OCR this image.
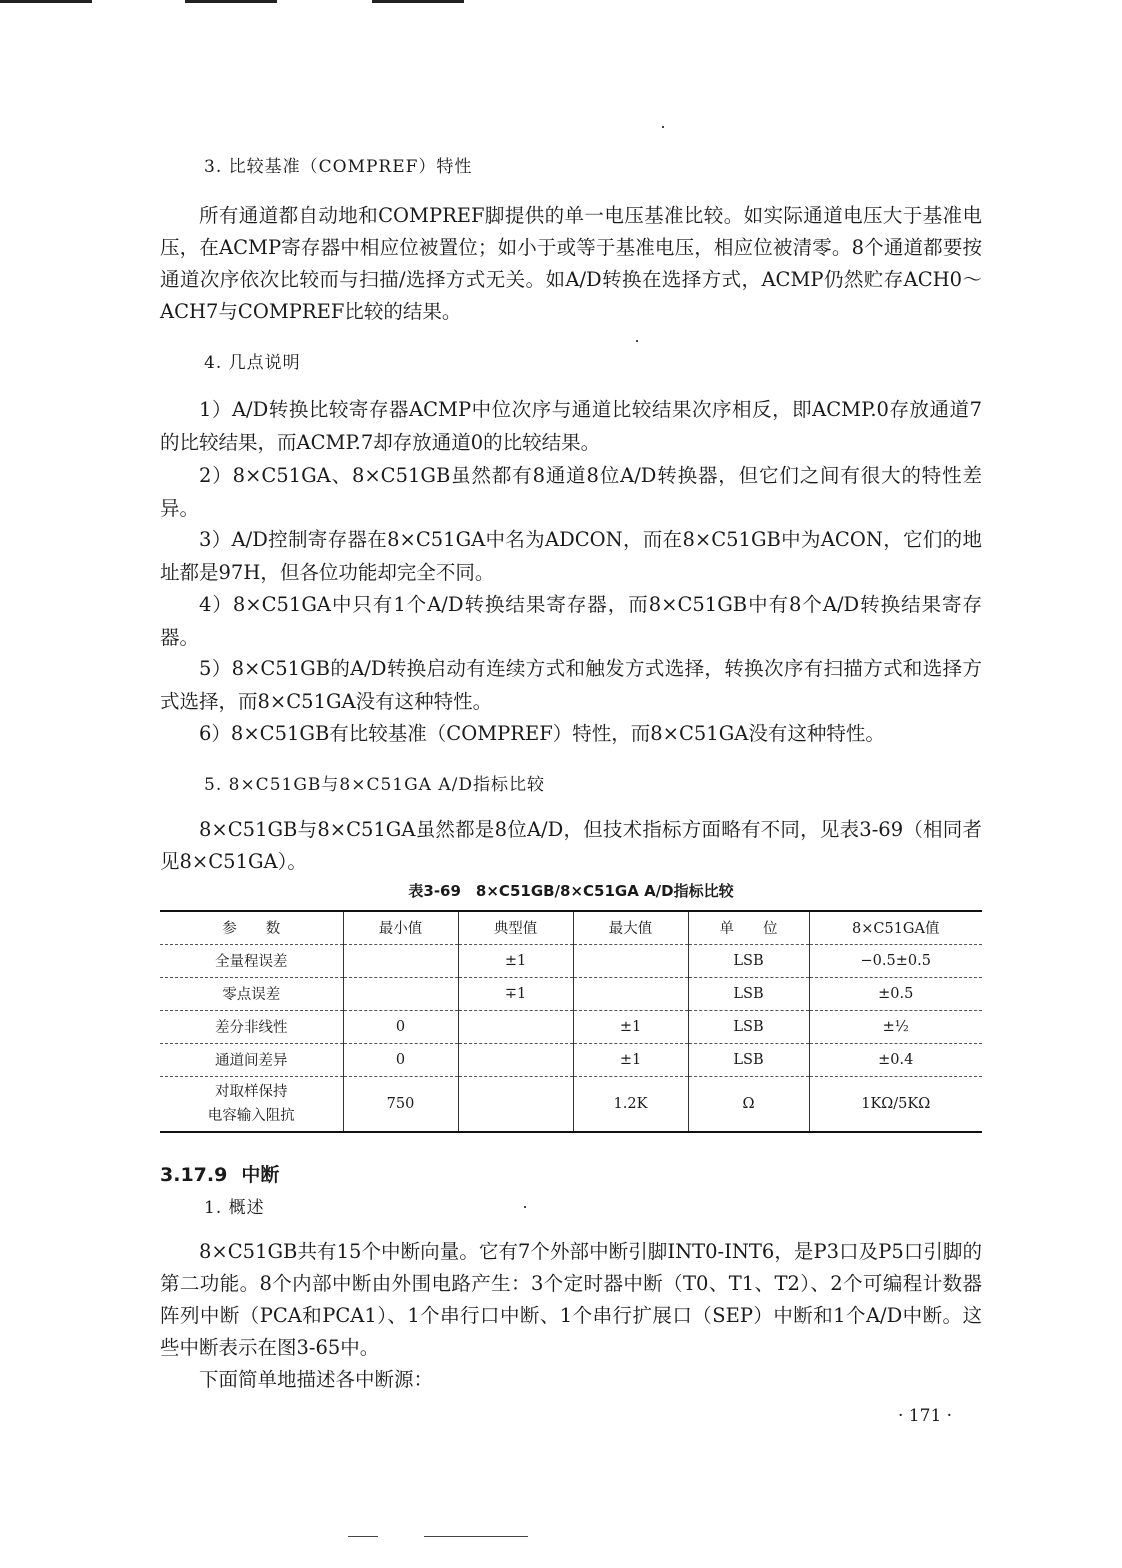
3. 比较基准（COMPREF）特性

所有通道都自动地和COMPREF脚提供的单一电压基准比较。如实际通道电压大于基准电压，在ACMP寄存器中相应位被置位；如小于或等于基准电压，相应位被清零。8个通道都要按通道次序依次比较而与扫描/选择方式无关。如A/D转换在选择方式，ACMP仍然贮存ACH0～ACH7与COMPREF比较的结果。

4. 几点说明

1）A/D转换比较寄存器ACMP中位次序与通道比较结果次序相反，即ACMP.0存放通道7的比较结果，而ACMP.7却存放通道0的比较结果。

2）8×C51GA、8×C51GB虽然都有8通道8位A/D转换器，但它们之间有很大的特性差异。

3）A/D控制寄存器在8×C51GA中名为ADCON，而在8×C51GB中为ACON，它们的地址都是97H，但各位功能却完全不同。

4）8×C51GA中只有1个A/D转换结果寄存器，而8×C51GB中有8个A/D转换结果寄存器。

5）8×C51GB的A/D转换启动有连续方式和触发方式选择，转换次序有扫描方式和选择方式选择，而8×C51GA没有这种特性。

6）8×C51GB有比较基准（COMPREF）特性，而8×C51GA没有这种特性。

5. 8×C51GB与8×C51GA A/D指标比较

8×C51GB与8×C51GA虽然都是8位A/D，但技术指标方面略有不同，见表3-69（相同者见8×C51GA）。

表3-69　8×C51GB/8×C51GA A/D指标比较
参　　数	最小值	典型值	最大值	单　　位	8×C51GA值
全量程误差		±1		LSB	−0.5±0.5
零点误差		∓1		LSB	±0.5
差分非线性	0		±1	LSB	±½
通道间差异	0		±1	LSB	±0.4

对取样保持
电容输入阻抗	750		1.2K	Ω	1KΩ/5KΩ
3.17.9 中断
1. 概述

8×C51GB共有15个中断向量。它有7个外部中断引脚INT0-INT6，是P3口及P5口引脚的第二功能。8个内部中断由外围电路产生：3个定时器中断（T0、T1、T2）、2个可编程计数器阵列中断（PCA和PCA1）、1个串行口中断、1个串行扩展口（SEP）中断和1个A/D中断。这些中断表示在图3-65中。

下面简单地描述各中断源：

· 171 ·
